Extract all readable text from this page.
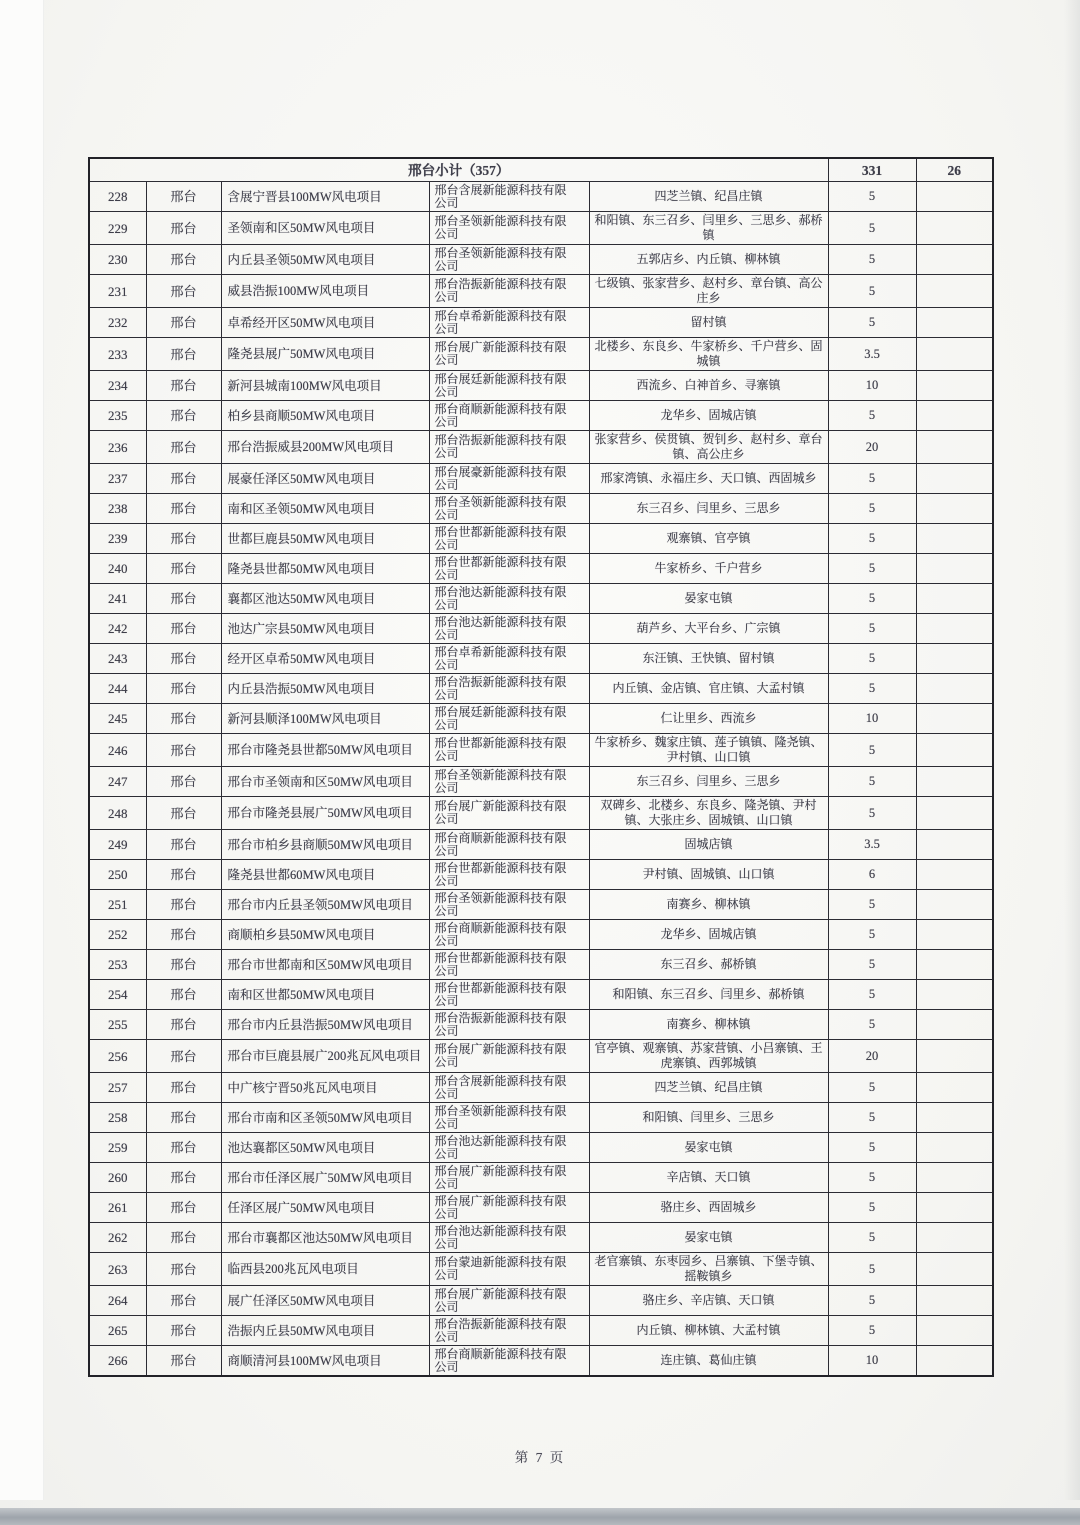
邢台小计（357）					331	26
228	邢台	含展宁晋县100MW风电项目	邢台含展新能源科技有限公司	四芝兰镇、纪昌庄镇	5	
229	邢台	圣领南和区50MW风电项目	邢台圣领新能源科技有限公司	和阳镇、东三召乡、闫里乡、三思乡、郝桥镇	5	
230	邢台	内丘县圣领50MW风电项目	邢台圣领新能源科技有限公司	五郭店乡、内丘镇、柳林镇	5	
231	邢台	威县浩振100MW风电项目	邢台浩振新能源科技有限公司	七级镇、张家营乡、赵村乡、章台镇、高公庄乡	5	
232	邢台	卓希经开区50MW风电项目	邢台卓希新能源科技有限公司	留村镇	5	
233	邢台	隆尧县展广50MW风电项目	邢台展广新能源科技有限公司	北楼乡、东良乡、牛家桥乡、千户营乡、固城镇	3.5	
234	邢台	新河县城南100MW风电项目	邢台展廷新能源科技有限公司	西流乡、白神首乡、寻寨镇	10	
235	邢台	柏乡县商顺50MW风电项目	邢台商顺新能源科技有限公司	龙华乡、固城店镇	5	
236	邢台	邢台浩振威县200MW风电项目	邢台浩振新能源科技有限公司	张家营乡、侯贯镇、贺钊乡、赵村乡、章台镇、高公庄乡	20	
237	邢台	展豪任泽区50MW风电项目	邢台展豪新能源科技有限公司	邢家湾镇、永福庄乡、天口镇、西固城乡	5	
238	邢台	南和区圣领50MW风电项目	邢台圣领新能源科技有限公司	东三召乡、闫里乡、三思乡	5	
239	邢台	世都巨鹿县50MW风电项目	邢台世都新能源科技有限公司	观寨镇、官亭镇	5	
240	邢台	隆尧县世都50MW风电项目	邢台世都新能源科技有限公司	牛家桥乡、千户营乡	5	
241	邢台	襄都区池达50MW风电项目	邢台池达新能源科技有限公司	晏家屯镇	5	
242	邢台	池达广宗县50MW风电项目	邢台池达新能源科技有限公司	葫芦乡、大平台乡、广宗镇	5	
243	邢台	经开区卓希50MW风电项目	邢台卓希新能源科技有限公司	东汪镇、王快镇、留村镇	5	
244	邢台	内丘县浩振50MW风电项目	邢台浩振新能源科技有限公司	内丘镇、金店镇、官庄镇、大孟村镇	5	
245	邢台	新河县顺泽100MW风电项目	邢台展廷新能源科技有限公司	仁让里乡、西流乡	10	
246	邢台	邢台市隆尧县世都50MW风电项目	邢台世都新能源科技有限公司	牛家桥乡、魏家庄镇、莲子镇镇、隆尧镇、尹村镇、山口镇	5	
247	邢台	邢台市圣领南和区50MW风电项目	邢台圣领新能源科技有限公司	东三召乡、闫里乡、三思乡	5	
248	邢台	邢台市隆尧县展广50MW风电项目	邢台展广新能源科技有限公司	双碑乡、北楼乡、东良乡、隆尧镇、尹村镇、大张庄乡、固城镇、山口镇	5	
249	邢台	邢台市柏乡县商顺50MW风电项目	邢台商顺新能源科技有限公司	固城店镇	3.5	
250	邢台	隆尧县世都60MW风电项目	邢台世都新能源科技有限公司	尹村镇、固城镇、山口镇	6	
251	邢台	邢台市内丘县圣领50MW风电项目	邢台圣领新能源科技有限公司	南赛乡、柳林镇	5	
252	邢台	商顺柏乡县50MW风电项目	邢台商顺新能源科技有限公司	龙华乡、固城店镇	5	
253	邢台	邢台市世都南和区50MW风电项目	邢台世都新能源科技有限公司	东三召乡、郝桥镇	5	
254	邢台	南和区世都50MW风电项目	邢台世都新能源科技有限公司	和阳镇、东三召乡、闫里乡、郝桥镇	5	
255	邢台	邢台市内丘县浩振50MW风电项目	邢台浩振新能源科技有限公司	南赛乡、柳林镇	5	
256	邢台	邢台市巨鹿县展广200兆瓦风电项目	邢台展广新能源科技有限公司	官亭镇、观寨镇、苏家营镇、小吕寨镇、王虎寨镇、西郭城镇	20	
257	邢台	中广核宁晋50兆瓦风电项目	邢台含展新能源科技有限公司	四芝兰镇、纪昌庄镇	5	
258	邢台	邢台市南和区圣领50MW风电项目	邢台圣领新能源科技有限公司	和阳镇、闫里乡、三思乡	5	
259	邢台	池达襄都区50MW风电项目	邢台池达新能源科技有限公司	晏家屯镇	5	
260	邢台	邢台市任泽区展广50MW风电项目	邢台展广新能源科技有限公司	辛店镇、天口镇	5	
261	邢台	任泽区展广50MW风电项目	邢台展广新能源科技有限公司	骆庄乡、西固城乡	5	
262	邢台	邢台市襄都区池达50MW风电项目	邢台池达新能源科技有限公司	晏家屯镇	5	
263	邢台	临西县200兆瓦风电项目	邢台蒙迪新能源科技有限公司	老官寨镇、东枣园乡、吕寨镇、下堡寺镇、摇鞍镇乡	5	
264	邢台	展广任泽区50MW风电项目	邢台展广新能源科技有限公司	骆庄乡、辛店镇、天口镇	5	
265	邢台	浩振内丘县50MW风电项目	邢台浩振新能源科技有限公司	内丘镇、柳林镇、大孟村镇	5	
266	邢台	商顺清河县100MW风电项目	邢台商顺新能源科技有限公司	连庄镇、葛仙庄镇	10	
第 7 页
